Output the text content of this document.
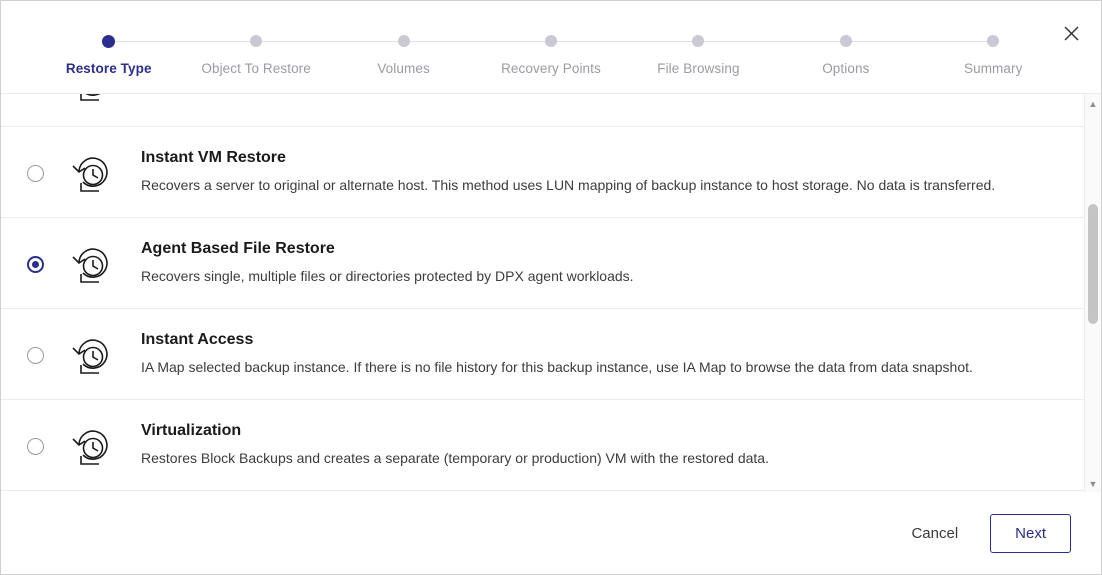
Restore Type	Object To Restore	Volumes	Recovery Points	File Browsing	Options	Summary

Instant VM Restore

Recovers a server to original or alternate host. This method uses LUN mapping of backup instance to host storage. No data is transferred.

Agent Based File Restore

Recovers single, multiple files or directories protected by DPX agent workloads.

Instant Access

IA Map selected backup instance. If there is no file history for this backup instance, use IA Map to browse the data from data snapshot.

Virtualization

Restores Block Backups and creates a separate (temporary or production) VM with the restored data.

▲
▼
Cancel	Next
